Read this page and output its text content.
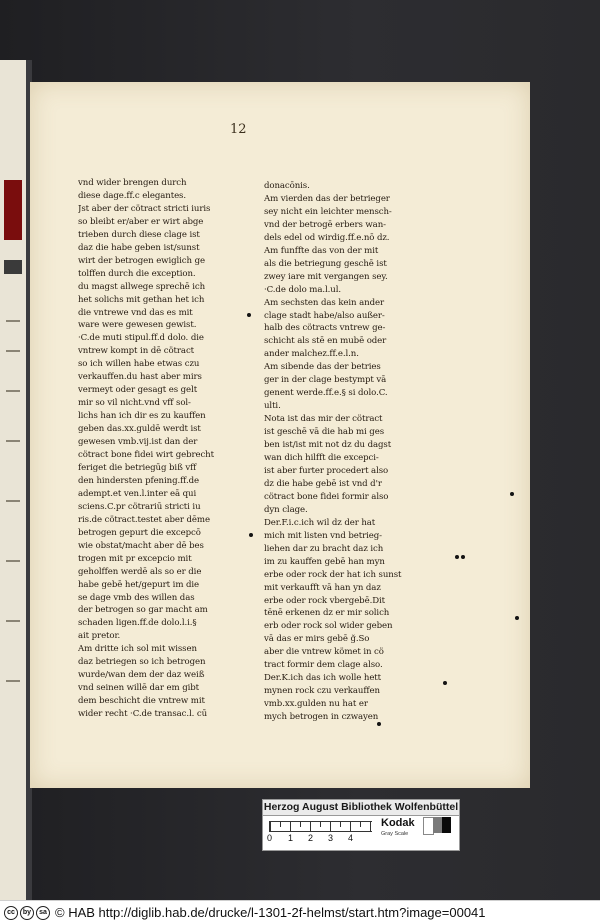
12
vnd wider brengen durch
diese dage.ff.c elegantes.
Jst aber der cötract stricti iuris
so bleibt er/aber er wirt abge
trieben durch diese clage ist
daz die habe geben ist/sunst
wirt der betrogen ewiglich ge
tolffen durch die exception.
du magst allwege sprechē ich
het solichs mit gethan het ich
die vntrewe vnd das es mit
ware were gewesen gewist.
·C.de muti stipul.ff.d dolo. die
vntrew kompt in dē cötract
so ich willen habe etwas czu
verkauffen.du hast aber mirs
vermeyt oder gesagt es gelt
mir so vil nicht.vnd vff sol-
lichs han ich dir es zu kauffen
geben das.xx.guldē werdt ist
gewesen vmb.vij.ist dan der
cötract bone fidei wirt gebrecht
feriget die betriegūg biß vff
den hindersten pfening.ff.de
adempt.et ven.l.inter eā qui
sciens.C.pr cötrariū stricti iu
ris.de cötract.testet aber dēme
betrogen gepurt die excepcō
wie obstat/macht aber dē bes
trogen mit pr excepcio mit
geholffen werdē als so er die
habe gebē het/gepurt im die
se dage vmb des willen das
der betrogen so gar macht am
schaden ligen.ff.de dolo.l.i.§
ait pretor.
Am dritte ich sol mit wissen
daz betriegen so ich betrogen
wurde/wan dem der daz weiß
vnd seinen willē dar em gibt
dem beschicht die vntrew mit
wider recht ·C.de transac.l. cū
donacōnis.
Am vierden das der betrieger
sey nicht ein leichter mensch-
vnd der betrogē erbers wan-
dels edel od wirdig.ff.e.nō dz.
Am funffte das von der mit
als die betriegung geschē ist
zwey iare mit vergangen sey.
·C.de dolo ma.l.ul.
Am sechsten das kein ander
clage stadt habe/also außer-
halb des cötracts vntrew ge-
schicht als stē en mubē oder
ander malchez.ff.e.l.n.
Am sibende das der betries
ger in der clage bestympt vā
genent werde.ff.e.§ si dolo.C.
ulti.
Nota ist das mir der cötract
ist geschē vā die hab mi ges
ben ist/ist mit not dz du dagst
wan dich hilfft die excepci-
ist aber furter procedert also
dz die habe gebē ist vnd d'r
cötract bone fidei formir also
dyn clage.
Der.F.i.c.ich wil dz der hat
mich mit listen vnd betrieg-
liehen dar zu bracht daz ich
im zu kauffen gebē han myn
erbe oder rock der hat ich sunst
mit verkaufft vā han yn daz
erbe oder rock vbergebē.Dit
tēnē erkenen dz er mir solich
erb oder rock sol wider geben
vā das er mirs gebē ğ.So
aber die vntrew kömet in cö
tract formir dem clage also.
Der.K.ich das ich wolle hett
mynen rock czu verkauffen
vmb.xx.gulden nu hat er
mych betrogen in czwayen
Herzog August Bibliothek Wolfenbüttel
0 1 2 3 4
Kodak
Gray Scale
cc	by	sa © HAB http://diglib.hab.de/drucke/l-1301-2f-helmst/start.htm?image=00041
